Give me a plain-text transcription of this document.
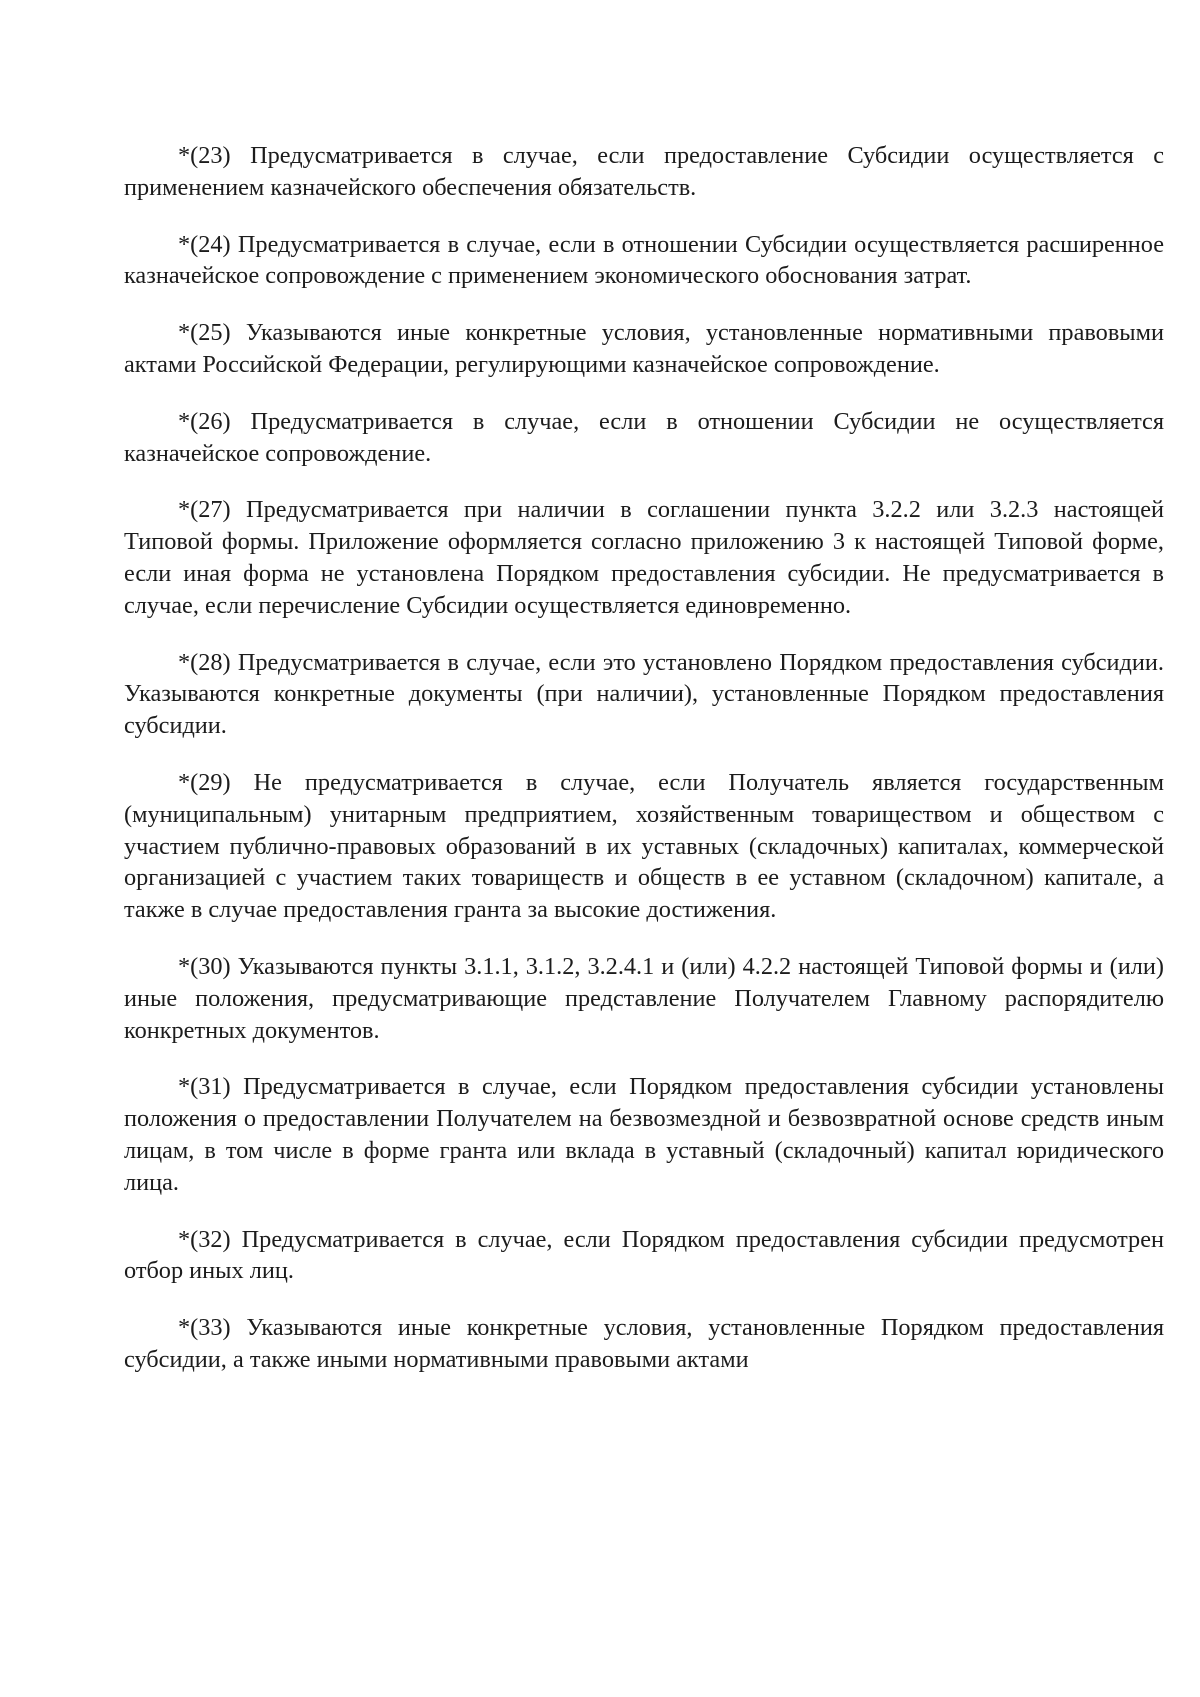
*(23) Предусматривается в случае, если предоставление Субсидии осуществляется с применением казначейского обеспечения обязательств.

*(24) Предусматривается в случае, если в отношении Субсидии осуществляется расширенное казначейское сопровождение с применением экономического обоснования затрат.

*(25) Указываются иные конкретные условия, установленные нормативными правовыми актами Российской Федерации, регулирующими казначейское сопровождение.

*(26) Предусматривается в случае, если в отношении Субсидии не осуществляется казначейское сопровождение.

*(27) Предусматривается при наличии в соглашении пункта 3.2.2 или 3.2.3 настоящей Типовой формы. Приложение оформляется согласно приложению 3 к настоящей Типовой форме, если иная форма не установлена Порядком предоставления субсидии. Не предусматривается в случае, если перечисление Субсидии осуществляется единовременно.

*(28) Предусматривается в случае, если это установлено Порядком предоставления субсидии. Указываются конкретные документы (при наличии), установленные Порядком предоставления субсидии.

*(29) Не предусматривается в случае, если Получатель является государственным (муниципальным) унитарным предприятием, хозяйственным товариществом и обществом с участием публично-правовых образований в их уставных (складочных) капиталах, коммерческой организацией с участием таких товариществ и обществ в ее уставном (складочном) капитале, а также в случае предоставления гранта за высокие достижения.

*(30) Указываются пункты 3.1.1, 3.1.2, 3.2.4.1 и (или) 4.2.2 настоящей Типовой формы и (или) иные положения, предусматривающие представление Получателем Главному распорядителю конкретных документов.

*(31) Предусматривается в случае, если Порядком предоставления субсидии установлены положения о предоставлении Получателем на безвозмездной и безвозвратной основе средств иным лицам, в том числе в форме гранта или вклада в уставный (складочный) капитал юридического лица.

*(32) Предусматривается в случае, если Порядком предоставления субсидии предусмотрен отбор иных лиц.

*(33) Указываются иные конкретные условия, установленные Порядком предоставления субсидии, а также иными нормативными правовыми актами
